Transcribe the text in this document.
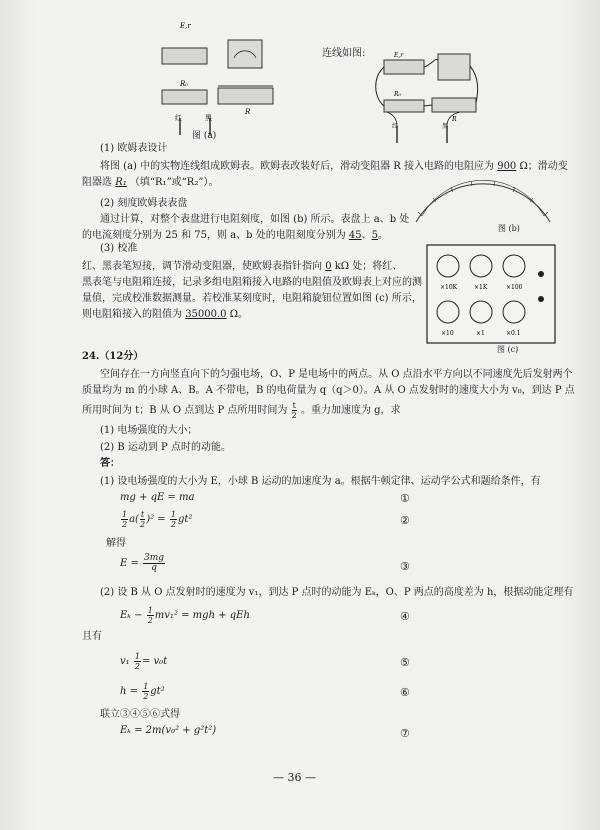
E,r
R₀
R
红	黑
图 (a)
连线如图:	E,r
R₀
R
红	黑
(1) 欧姆表设计
将图 (a) 中的实物连线组成欧姆表。欧姆表改装好后，滑动变阻器 R 接入电路的电阻应为 900 Ω；滑动变
阻器选 R₁ （填“R₁”或“R₂”）。
(2) 刻度欧姆表表盘
通过计算，对整个表盘进行电阻刻度，如图 (b) 所示。表盘上 a、b 处
的电流刻度分别为 25 和 75，则 a、b 处的电阻刻度分别为 45、5。
图 (b)
(3) 校准
红、黑表笔短接，调节滑动变阻器，使欧姆表指针指向 0 kΩ 处；将红、
黑表笔与电阻箱连接，记录多组电阻箱接入电路的电阻值及欧姆表上对应的测
量值，完成校准数据测量。若校准某刻度时，电阻箱旋钮位置如图 (c) 所示，
则电阻箱接入的阻值为 35000.0 Ω。
×10K	×1K	×100
×10	×1	×0.1
图 (c)
24.（12分）
空间存在一方向竖直向下的匀强电场，O、P 是电场中的两点。从 O 点沿水平方向以不同速度先后发射两个
质量均为 m 的小球 A、B。A 不带电，B 的电荷量为 q（q＞0）。A 从 O 点发射时的速度大小为 v₀，到达 P 点
所用时间为 t；B 从 O 点到达 P 点所用时间为 $\frac{t}{2}$ 。重力加速度为 g，求
(1) 电场强度的大小；
(2) B 运动到 P 点时的动能。
答：
(1) 设电场强度的大小为 E，小球 B 运动的加速度为 a。根据牛顿定律、运动学公式和题给条件，有
mg + qE = ma	①
$\frac{1}{2} a( \frac{t}{2} )^2 = \frac{1}{2} gt^2$	②
解得
$E = \frac{3mg}{q}$	③
(2) 设 B 从 O 点发射时的速度为 v₁，到达 P 点时的动能为 Eₖ，O、P 两点的高度差为 h，根据动能定理有
$E_k - \frac{1}{2} mv_1^2$ = mgh + qEh	④
且有
$v_1 \frac{1}{2} = v_0t$	⑤
$h = \frac{1}{2} gt^2$	⑥
联立③④⑤⑥式得
Eₖ = 2m(v₀² + g²t²)	⑦
— 36 —
